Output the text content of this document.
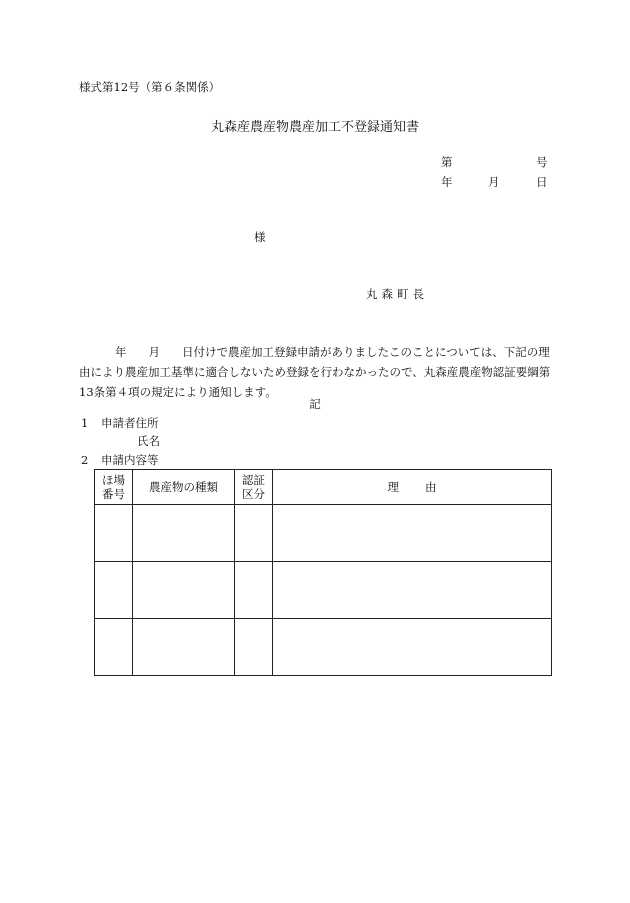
様式第12号（第６条関係）
丸森産農産物農産加工不登録通知書
第	号
年	月	日
様
丸森町長

年 月 日付けで農産加工登録申請がありましたこのことについては、下記の理由により農産加工基準に適合しないため登録を行わなかったので、丸森産農産物認証要綱第13条第４項の規定により通知します。

記
1 申請者住所
氏名
2 申請内容等
ほ場番号	農産物の種類	認証区分	理由
